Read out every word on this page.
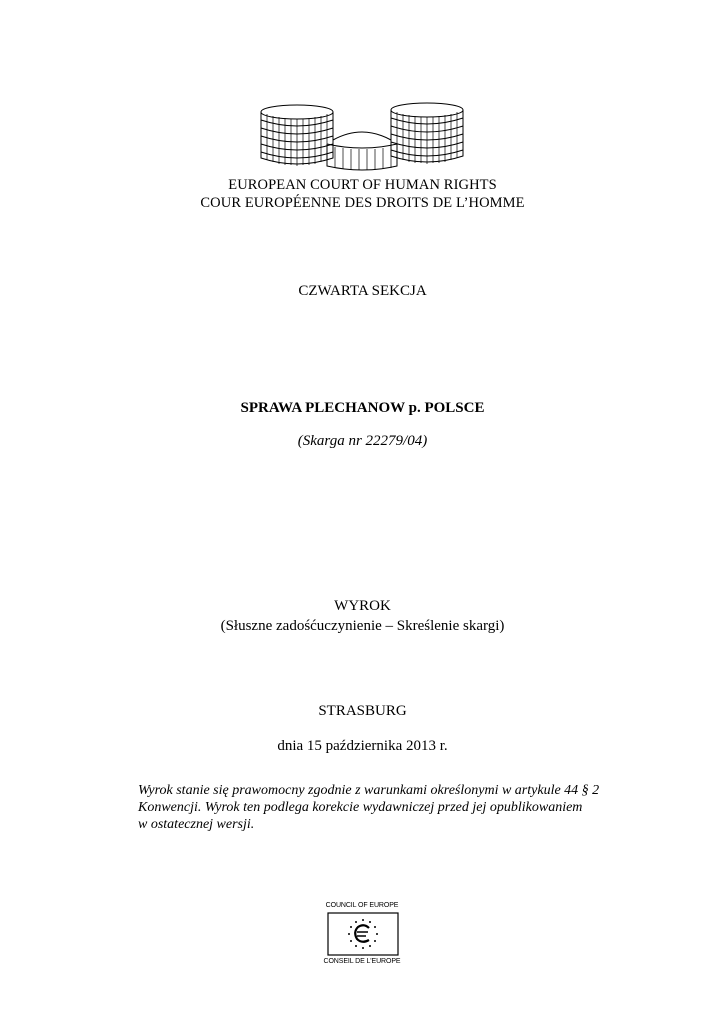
EUROPEAN COURT OF HUMAN RIGHTS
COUR EUROPÉENNE DES DROITS DE L’HOMME
CZWARTA SEKCJA
SPRAWA PLECHANOW p. POLSCE
(Skarga nr 22279/04)
WYROK
(Słuszne zadośćuczynienie – Skreślenie skargi)
STRASBURG
dnia 15 października 2013 r.
Wyrok stanie się prawomocny zgodnie z warunkami określonymi w artykule 44 § 2
Konwencji. Wyrok ten podlega korekcie wydawniczej przed jej opublikowaniem
w ostatecznej wersji.
COUNCIL OF EUROPE
CONSEIL DE L'EUROPE
